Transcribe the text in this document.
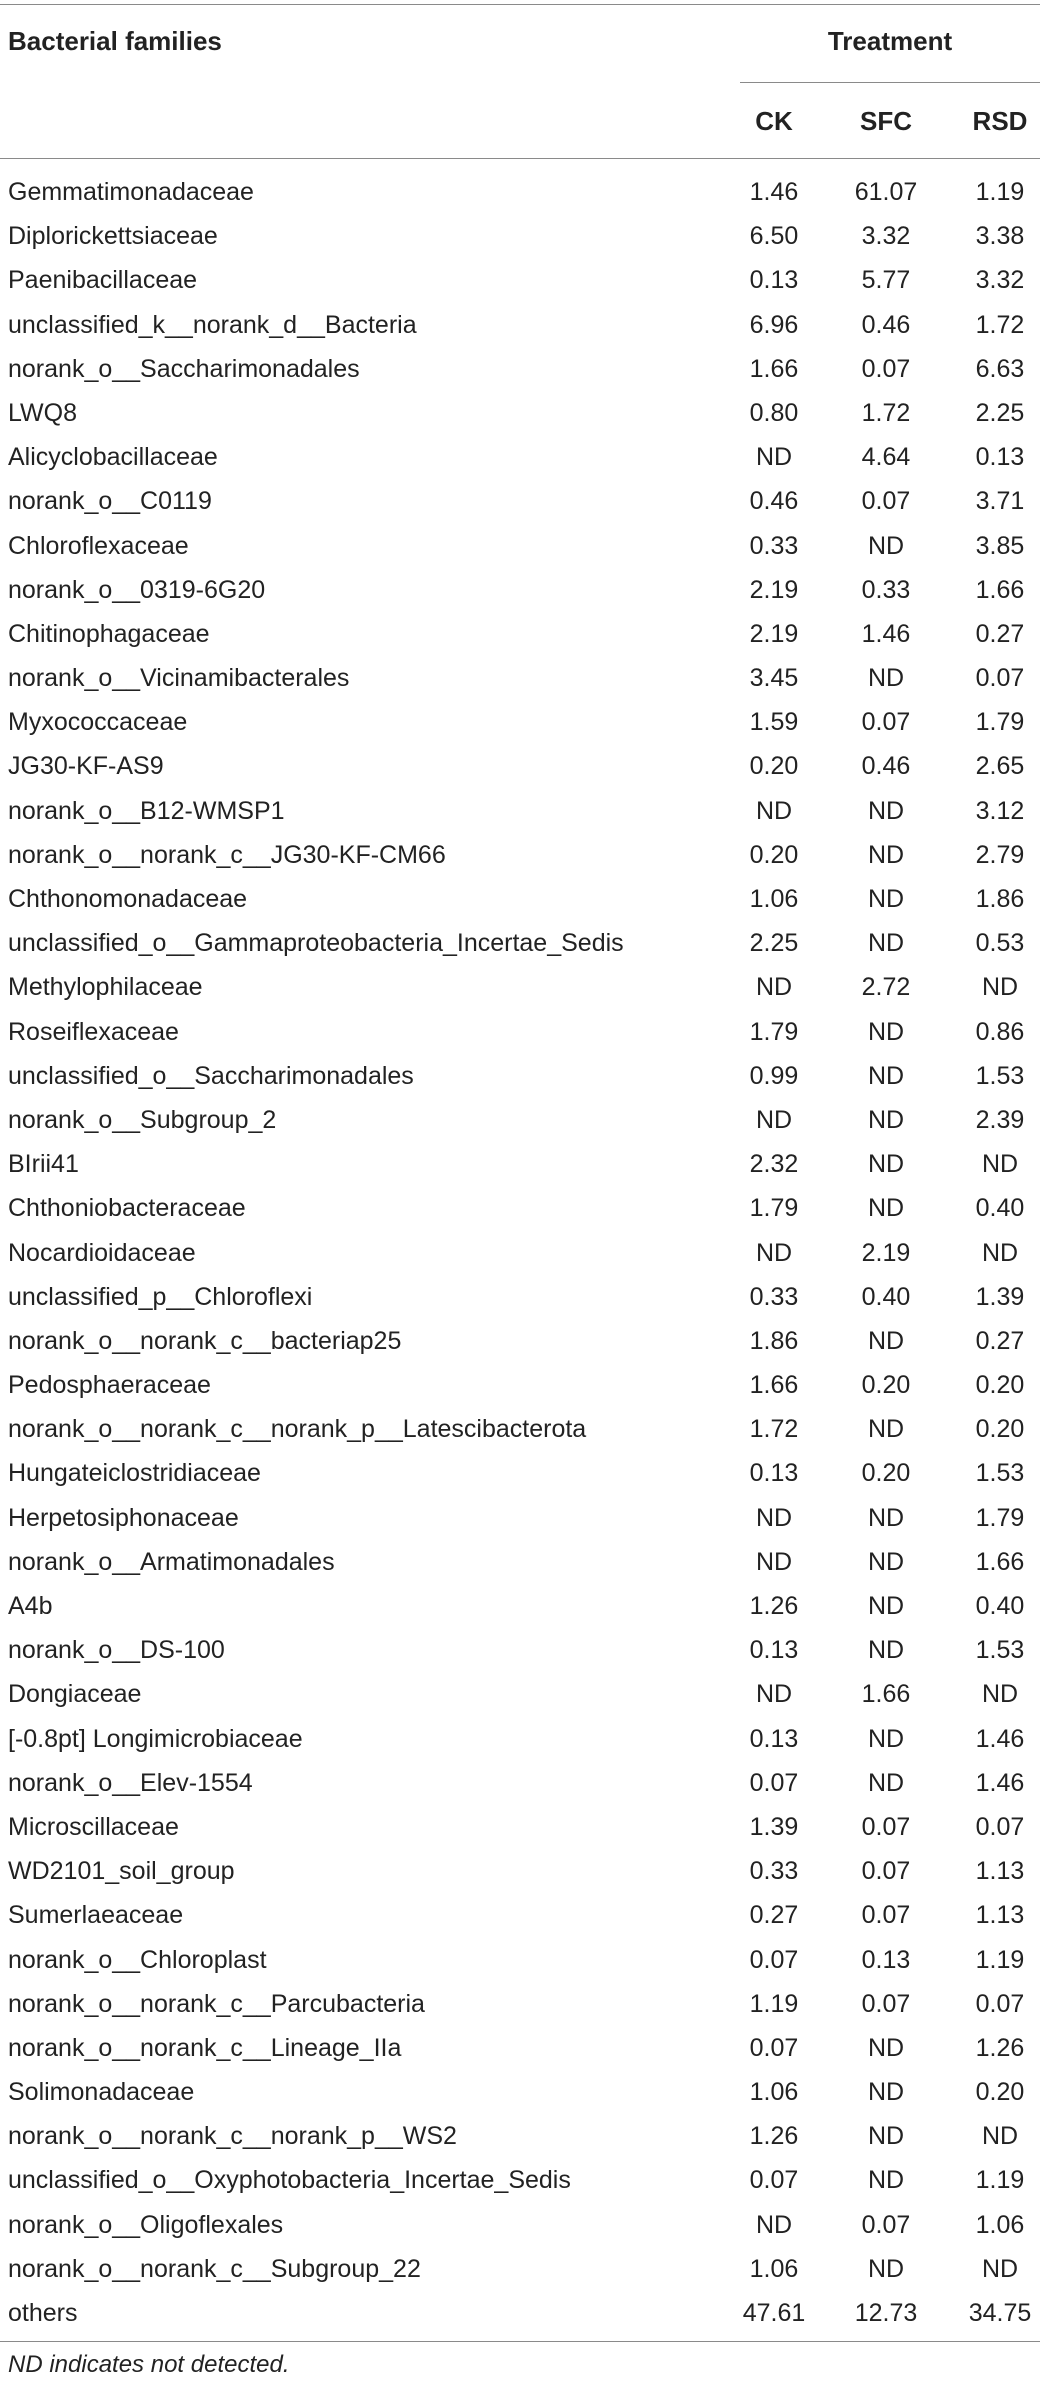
Bacterial families	Treatment
CK	SFC	RSD
Gemmatimonadaceae	1.46	61.07	1.19
Diplorickettsiaceae	6.50	3.32	3.38
Paenibacillaceae	0.13	5.77	3.32
unclassified_k__norank_d__Bacteria	6.96	0.46	1.72
norank_o__Saccharimonadales	1.66	0.07	6.63
LWQ8	0.80	1.72	2.25
Alicyclobacillaceae	ND	4.64	0.13
norank_o__C0119	0.46	0.07	3.71
Chloroflexaceae	0.33	ND	3.85
norank_o__0319-6G20	2.19	0.33	1.66
Chitinophagaceae	2.19	1.46	0.27
norank_o__Vicinamibacterales	3.45	ND	0.07
Myxococcaceae	1.59	0.07	1.79
JG30-KF-AS9	0.20	0.46	2.65
norank_o__B12-WMSP1	ND	ND	3.12
norank_o__norank_c__JG30-KF-CM66	0.20	ND	2.79
Chthonomonadaceae	1.06	ND	1.86
unclassified_o__Gammaproteobacteria_Incertae_Sedis	2.25	ND	0.53
Methylophilaceae	ND	2.72	ND
Roseiflexaceae	1.79	ND	0.86
unclassified_o__Saccharimonadales	0.99	ND	1.53
norank_o__Subgroup_2	ND	ND	2.39
BIrii41	2.32	ND	ND
Chthoniobacteraceae	1.79	ND	0.40
Nocardioidaceae	ND	2.19	ND
unclassified_p__Chloroflexi	0.33	0.40	1.39
norank_o__norank_c__bacteriap25	1.86	ND	0.27
Pedosphaeraceae	1.66	0.20	0.20
norank_o__norank_c__norank_p__Latescibacterota	1.72	ND	0.20
Hungateiclostridiaceae	0.13	0.20	1.53
Herpetosiphonaceae	ND	ND	1.79
norank_o__Armatimonadales	ND	ND	1.66
A4b	1.26	ND	0.40
norank_o__DS-100	0.13	ND	1.53
Dongiaceae	ND	1.66	ND
[-0.8pt] Longimicrobiaceae	0.13	ND	1.46
norank_o__Elev-1554	0.07	ND	1.46
Microscillaceae	1.39	0.07	0.07
WD2101_soil_group	0.33	0.07	1.13
Sumerlaeaceae	0.27	0.07	1.13
norank_o__Chloroplast	0.07	0.13	1.19
norank_o__norank_c__Parcubacteria	1.19	0.07	0.07
norank_o__norank_c__Lineage_IIa	0.07	ND	1.26
Solimonadaceae	1.06	ND	0.20
norank_o__norank_c__norank_p__WS2	1.26	ND	ND
unclassified_o__Oxyphotobacteria_Incertae_Sedis	0.07	ND	1.19
norank_o__Oligoflexales	ND	0.07	1.06
norank_o__norank_c__Subgroup_22	1.06	ND	ND
others	47.61	12.73	34.75
ND indicates not detected.
